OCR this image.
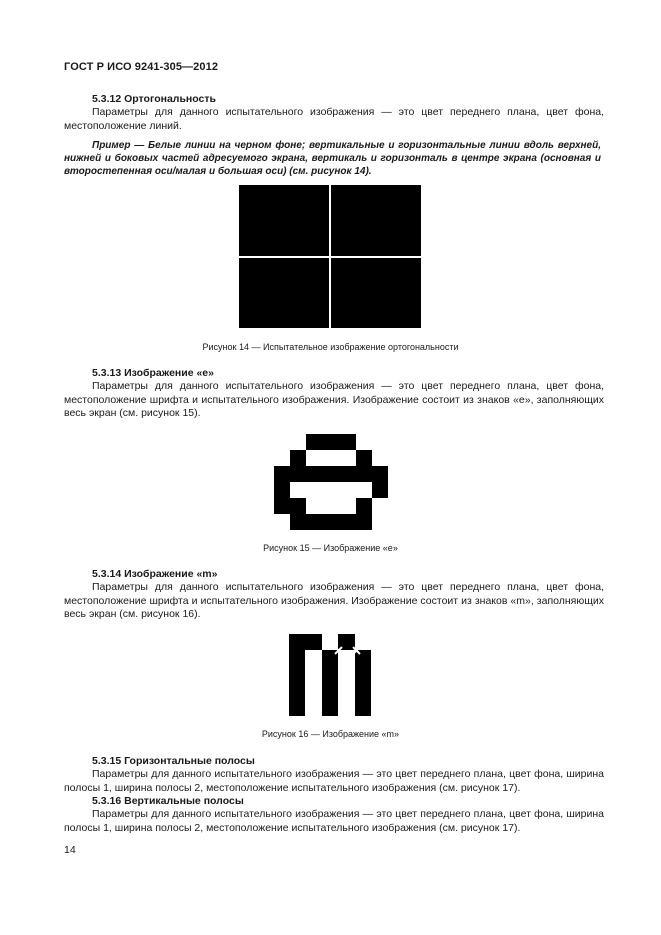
ГОСТ Р ИСО 9241-305—2012
5.3.12 Ортогональность
Параметры для данного испытательного изображения — это цвет переднего плана, цвет фона, местоположение линий.
Пример — Белые линии на черном фоне; вертикальные и горизонтальные линии вдоль верхней, нижней и боковых частей адресуемого экрана, вертикаль и горизонталь в центре экрана (основная и второстепенная оси/малая и большая оси) (см. рисунок 14).
Рисунок 14 — Испытательное изображение ортогональности
5.3.13 Изображение «е»
Параметры для данного испытательного изображения — это цвет переднего плана, цвет фона, местоположение шрифта и испытательного изображения. Изображение состоит из знаков «е», заполняющих весь экран (см. рисунок 15).
Рисунок 15 — Изображение «е»
5.3.14 Изображение «m»
Параметры для данного испытательного изображения — это цвет переднего плана, цвет фона, местоположение шрифта и испытательного изображения. Изображение состоит из знаков «m», заполняющих весь экран (см. рисунок 16).
Рисунок 16 — Изображение «m»
5.3.15 Горизонтальные полосы
Параметры для данного испытательного изображения — это цвет переднего плана, цвет фона, ширина полосы 1, ширина полосы 2, местоположение испытательного изображения (см. рисунок 17).
5.3.16 Вертикальные полосы
Параметры для данного испытательного изображения — это цвет переднего плана, цвет фона, ширина полосы 1, ширина полосы 2, местоположение испытательного изображения (см. рисунок 17).
14
